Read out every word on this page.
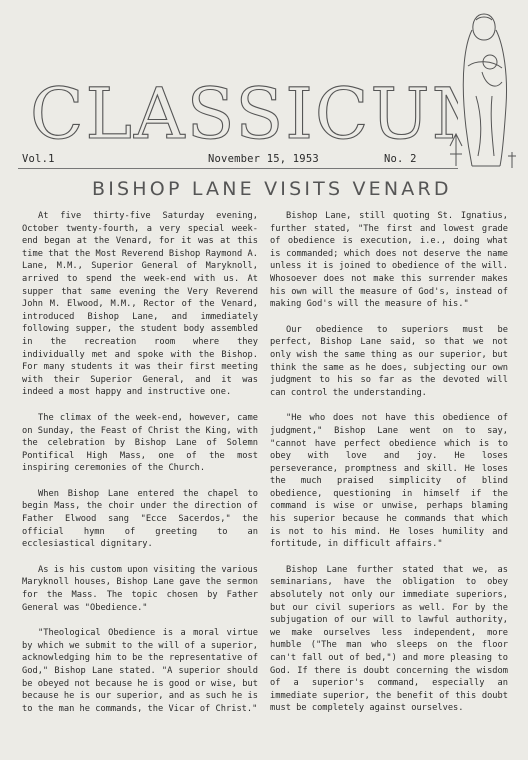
CLASSICUM
Vol.1	November 15, 1953	No. 2
BISHOP LANE VISITS VENARD

At five thirty-five Saturday evening, October twenty-fourth, a very special week-end began at the Venard, for it was at this time that the Most Reverend Bishop Raymond A. Lane, M.M., Superior General of Maryknoll, arrived to spend the week-end with us. At supper that same evening the Very Reverend John M. Elwood, M.M., Rector of the Venard, introduced Bishop Lane, and immediately following supper, the student body assembled in the recreation room where they individually met and spoke with the Bishop. For many students it was their first meeting with their Superior General, and it was indeed a most happy and instructive one.

The climax of the week-end, however, came on Sunday, the Feast of Christ the King, with the celebration by Bishop Lane of Solemn Pontifical High Mass, one of the most inspiring ceremonies of the Church.

When Bishop Lane entered the chapel to begin Mass, the choir under the direction of Father Elwood sang "Ecce Sacerdos," the official hymn of greeting to an ecclesiastical dignitary.

As is his custom upon visiting the various Maryknoll houses, Bishop Lane gave the sermon for the Mass. The topic chosen by Father General was "Obedience."

"Theological Obedience is a moral virtue by which we submit to the will of a superior, acknowledging him to be the representative of God," Bishop Lane stated. "A superior should be obeyed not because he is good or wise, but because he is our superior, and as such he is to the man he commands, the Vicar of Christ."

Bishop Lane, still quoting St. Ignatius, further stated, "The first and lowest grade of obedience is execution, i.e., doing what is commanded; which does not deserve the name unless it is joined to obedience of the will. Whosoever does not make this surrender makes his own will the measure of God's, instead of making God's will the measure of his."

Our obedience to superiors must be perfect, Bishop Lane said, so that we not only wish the same thing as our superior, but think the same as he does, subjecting our own judgment to his so far as the devoted will can control the understanding.

"He who does not have this obedience of judgment," Bishop Lane went on to say, "cannot have perfect obedience which is to obey with love and joy. He loses perseverance, promptness and skill. He loses the much praised simplicity of blind obedience, questioning in himself if the command is wise or unwise, perhaps blaming his superior because he commands that which is not to his mind. He loses humility and fortitude, in difficult affairs."

Bishop Lane further stated that we, as seminarians, have the obligation to obey absolutely not only our immediate superiors, but our civil superiors as well. For by the subjugation of our will to lawful authority, we make ourselves less independent, more humble ("The man who sleeps on the floor can't fall out of bed,") and more pleasing to God. If there is doubt concerning the wisdom of a superior's command, especially an immediate superior, the benefit of this doubt must be completely against ourselves.
